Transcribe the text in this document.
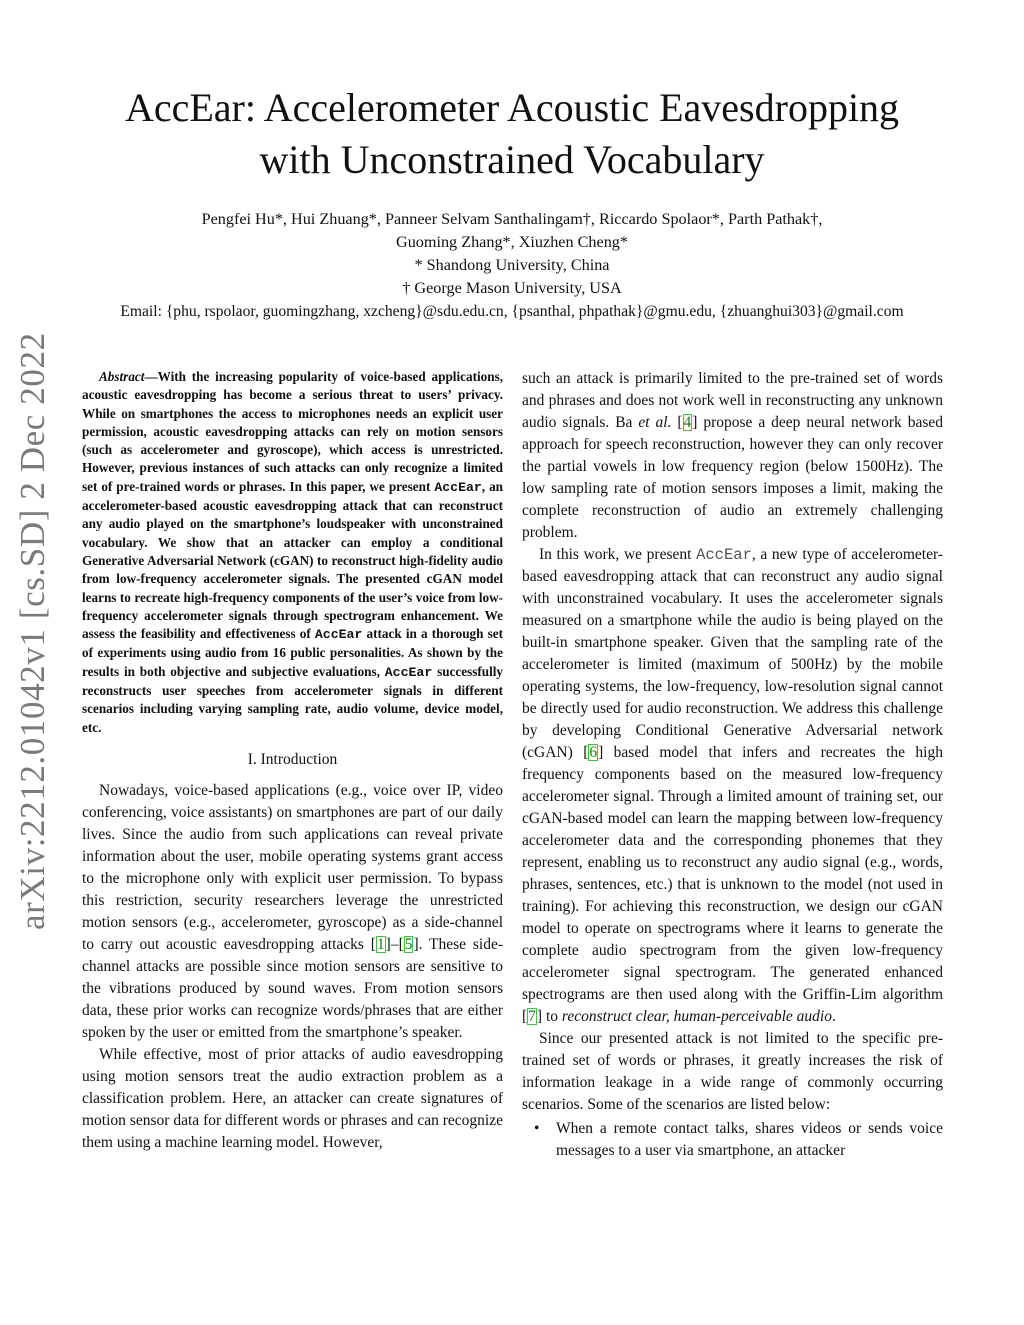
AccEar: Accelerometer Acoustic Eavesdropping
with Unconstrained Vocabulary
Pengfei Hu*, Hui Zhuang*, Panneer Selvam Santhalingam†, Riccardo Spolaor*, Parth Pathak†,
Guoming Zhang*, Xiuzhen Cheng*
* Shandong University, China
† George Mason University, USA
Email: {phu, rspolaor, guomingzhang, xzcheng}@sdu.edu.cn, {psanthal, phpathak}@gmu.edu, {zhuanghui303}@gmail.com
arXiv:2212.01042v1 [cs.SD] 2 Dec 2022	Abstract—With the increasing popularity of voice-based applications, acoustic eavesdropping has become a serious threat to users’ privacy. While on smartphones the access to microphones needs an explicit user permission, acoustic eavesdropping attacks can rely on motion sensors (such as accelerometer and gyroscope), which access is unrestricted. However, previous instances of such attacks can only recognize a limited set of pre-trained words or phrases. In this paper, we present AccEar, an accelerometer-based acoustic eavesdropping attack that can reconstruct any audio played on the smartphone’s loudspeaker with unconstrained vocabulary. We show that an attacker can employ a conditional Generative Adversarial Network (cGAN) to reconstruct high-fidelity audio from low-frequency accelerometer signals. The presented cGAN model learns to recreate high-frequency components of the user’s voice from low-frequency accelerometer signals through spectrogram enhancement. We assess the feasibility and effectiveness of AccEar attack in a thorough set of experiments using audio from 16 public personalities. As shown by the results in both objective and subjective evaluations, AccEar successfully reconstructs user speeches from accelerometer signals in different scenarios including varying sampling rate, audio volume, device model, etc.

I. Introduction

Nowadays, voice-based applications (e.g., voice over IP, video conferencing, voice assistants) on smartphones are part of our daily lives. Since the audio from such applications can reveal private information about the user, mobile operating systems grant access to the microphone only with explicit user permission. To bypass this restriction, security researchers leverage the unrestricted motion sensors (e.g., accelerometer, gyroscope) as a side-channel to carry out acoustic eavesdropping attacks [1]–[5]. These side-channel attacks are possible since motion sensors are sensitive to the vibrations produced by sound waves. From motion sensors data, these prior works can recognize words/phrases that are either spoken by the user or emitted from the smartphone’s speaker.

While effective, most of prior attacks of audio eavesdropping using motion sensors treat the audio extraction problem as a classification problem. Here, an attacker can create signatures of motion sensor data for different words or phrases and can recognize them using a machine learning model. However,

such an attack is primarily limited to the pre-trained set of words and phrases and does not work well in reconstructing any unknown audio signals. Ba et al. [4] propose a deep neural network based approach for speech reconstruction, however they can only recover the partial vowels in low frequency region (below 1500Hz). The low sampling rate of motion sensors imposes a limit, making the complete reconstruction of audio an extremely challenging problem.

In this work, we present AccEar, a new type of accelerometer-based eavesdropping attack that can reconstruct any audio signal with unconstrained vocabulary. It uses the accelerometer signals measured on a smartphone while the audio is being played on the built-in smartphone speaker. Given that the sampling rate of the accelerometer is limited (maximum of 500Hz) by the mobile operating systems, the low-frequency, low-resolution signal cannot be directly used for audio reconstruction. We address this challenge by developing Conditional Generative Adversarial network (cGAN) [6] based model that infers and recreates the high frequency components based on the measured low-frequency accelerometer signal. Through a limited amount of training set, our cGAN-based model can learn the mapping between low-frequency accelerometer data and the corresponding phonemes that they represent, enabling us to reconstruct any audio signal (e.g., words, phrases, sentences, etc.) that is unknown to the model (not used in training). For achieving this reconstruction, we design our cGAN model to operate on spectrograms where it learns to generate the complete audio spectrogram from the given low-frequency accelerometer signal spectrogram. The generated enhanced spectrograms are then used along with the Griffin-Lim algorithm [7] to reconstruct clear, human-perceivable audio.

Since our presented attack is not limited to the specific pre-trained set of words or phrases, it greatly increases the risk of information leakage in a wide range of commonly occurring scenarios. Some of the scenarios are listed below:

• When a remote contact talks, shares videos or sends voice messages to a user via smartphone, an attacker
